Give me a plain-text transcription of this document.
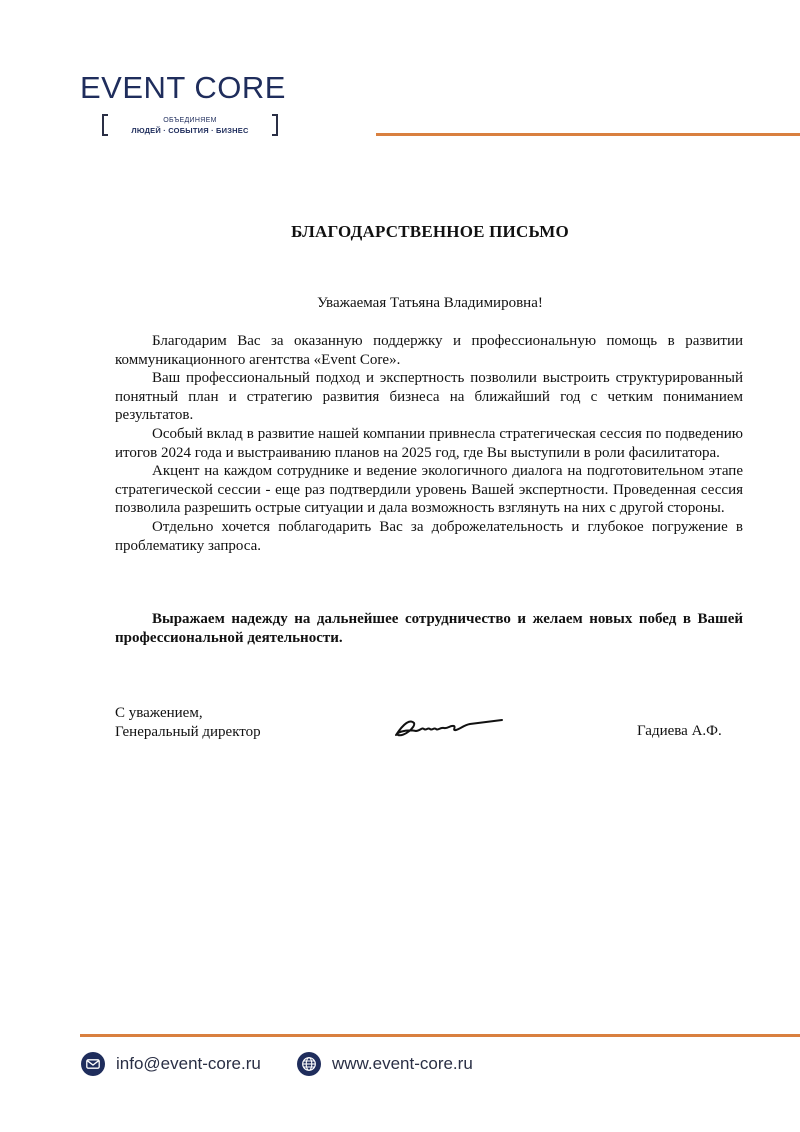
EVENT CORE
ОБЪЕДИНЯЕМ
ЛЮДЕЙ · СОБЫТИЯ · БИЗНЕС
БЛАГОДАРСТВЕННОЕ ПИСЬМО
Уважаемая Татьяна Владимировна!

Благодарим Вас за оказанную поддержку и профессиональную помощь в развитии коммуникационного агентства «Event Core».

Ваш профессиональный подход и экспертность позволили выстроить структурированный понятный план и стратегию развития бизнеса на ближайший год с четким пониманием результатов.

Особый вклад в развитие нашей компании привнесла стратегическая сессия по подведению итогов 2024 года и выстраиванию планов на 2025 год, где Вы выступили в роли фасилитатора.

Акцент на каждом сотруднике и ведение экологичного диалога на подготовительном этапе стратегической сессии - еще раз подтвердили уровень Вашей экспертности. Проведенная сессия позволила разрешить острые ситуации и дала возможность взглянуть на них с другой стороны.

Отдельно хочется поблагодарить Вас за доброжелательность и глубокое погружение в проблематику запроса.

Выражаем надежду на дальнейшее сотрудничество и желаем новых побед в Вашей профессиональной деятельности.
С уважением,
Генеральный директор	Гадиева А.Ф.
info@event-core.ru	www.event-core.ru
